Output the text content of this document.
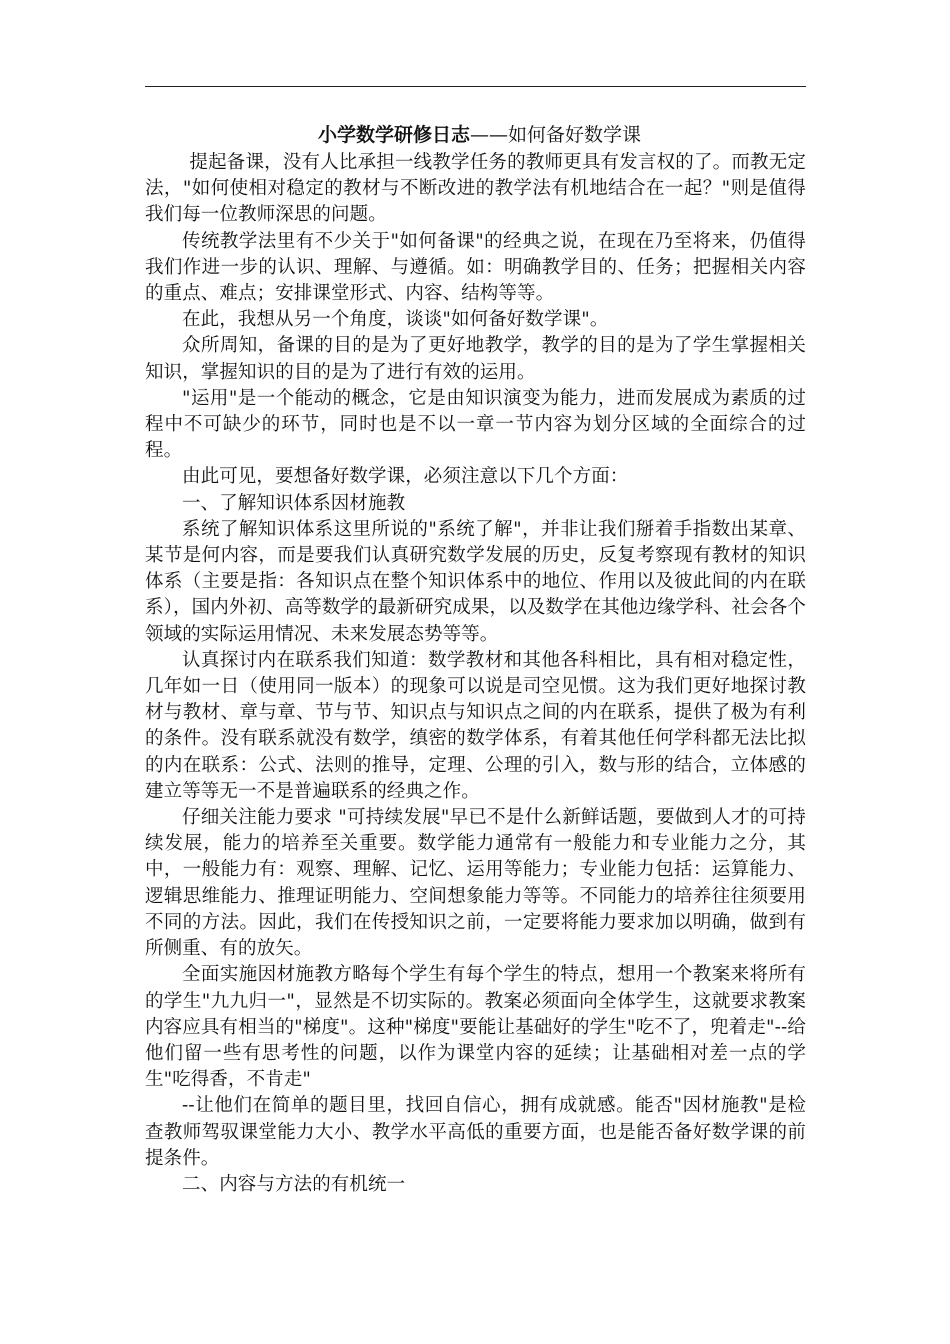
小学数学研修日志——如何备好数学课

提起备课，没有人比承担一线教学任务的教师更具有发言权的了。而教无定法，"如何使相对稳定的教材与不断改进的教学法有机地结合在一起？"则是值得我们每一位教师深思的问题。

传统教学法里有不少关于"如何备课"的经典之说，在现在乃至将来，仍值得我们作进一步的认识、理解、与遵循。如：明确教学目的、任务；把握相关内容的重点、难点；安排课堂形式、内容、结构等等。

在此，我想从另一个角度，谈谈"如何备好数学课"。

众所周知，备课的目的是为了更好地教学，教学的目的是为了学生掌握相关知识，掌握知识的目的是为了进行有效的运用。

"运用"是一个能动的概念，它是由知识演变为能力，进而发展成为素质的过程中不可缺少的环节，同时也是不以一章一节内容为划分区域的全面综合的过程。

由此可见，要想备好数学课，必须注意以下几个方面：

一、了解知识体系因材施教

系统了解知识体系这里所说的"系统了解"，并非让我们掰着手指数出某章、某节是何内容，而是要我们认真研究数学发展的历史，反复考察现有教材的知识体系（主要是指：各知识点在整个知识体系中的地位、作用以及彼此间的内在联系），国内外初、高等数学的最新研究成果，以及数学在其他边缘学科、社会各个领域的实际运用情况、未来发展态势等等。

认真探讨内在联系我们知道：数学教材和其他各科相比，具有相对稳定性，几年如一日（使用同一版本）的现象可以说是司空见惯。这为我们更好地探讨教材与教材、章与章、节与节、知识点与知识点之间的内在联系，提供了极为有利的条件。没有联系就没有数学，缜密的数学体系，有着其他任何学科都无法比拟的内在联系：公式、法则的推导，定理、公理的引入，数与形的结合，立体感的建立等等无一不是普遍联系的经典之作。

仔细关注能力要求 "可持续发展"早已不是什么新鲜话题，要做到人才的可持续发展，能力的培养至关重要。数学能力通常有一般能力和专业能力之分，其中，一般能力有：观察、理解、记忆、运用等能力；专业能力包括：运算能力、逻辑思维能力、推理证明能力、空间想象能力等等。不同能力的培养往往须要用不同的方法。因此，我们在传授知识之前，一定要将能力要求加以明确，做到有所侧重、有的放矢。

全面实施因材施教方略每个学生有每个学生的特点，想用一个教案来将所有的学生"九九归一"，显然是不切实际的。教案必须面向全体学生，这就要求教案内容应具有相当的"梯度"。这种"梯度"要能让基础好的学生"吃不了，兜着走"--给他们留一些有思考性的问题，以作为课堂内容的延续；让基础相对差一点的学生"吃得香，不肯走"

--让他们在简单的题目里，找回自信心，拥有成就感。能否"因材施教"是检查教师驾驭课堂能力大小、教学水平高低的重要方面，也是能否备好数学课的前提条件。

二、内容与方法的有机统一
